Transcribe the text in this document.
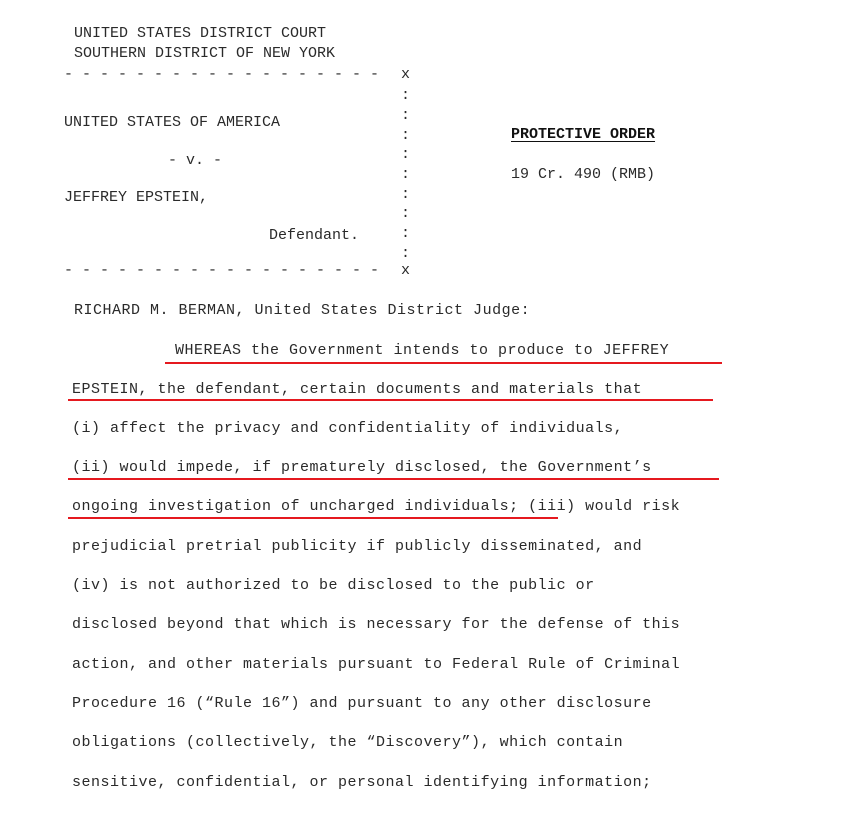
UNITED STATES DISTRICT COURT
SOUTHERN DISTRICT OF NEW YORK
- - - - - - - - - - - - - - - - - - x
:
:
:
:
:
:
:
:
:
UNITED STATES OF AMERICA
- v. -
JEFFREY EPSTEIN,
Defendant.
- - - - - - - - - - - - - - - - - - x
PROTECTIVE ORDER
19 Cr. 490 (RMB)
RICHARD M. BERMAN, United States District Judge:
WHEREAS the Government intends to produce to JEFFREY
EPSTEIN, the defendant, certain documents and materials that
(i) affect the privacy and confidentiality of individuals,
(ii) would impede, if prematurely disclosed, the Government’s
ongoing investigation of uncharged individuals; (iii) would risk
prejudicial pretrial publicity if publicly disseminated, and
(iv) is not authorized to be disclosed to the public or
disclosed beyond that which is necessary for the defense of this
action, and other materials pursuant to Federal Rule of Criminal
Procedure 16 (“Rule 16”) and pursuant to any other disclosure
obligations (collectively, the “Discovery”), which contain
sensitive, confidential, or personal identifying information;
